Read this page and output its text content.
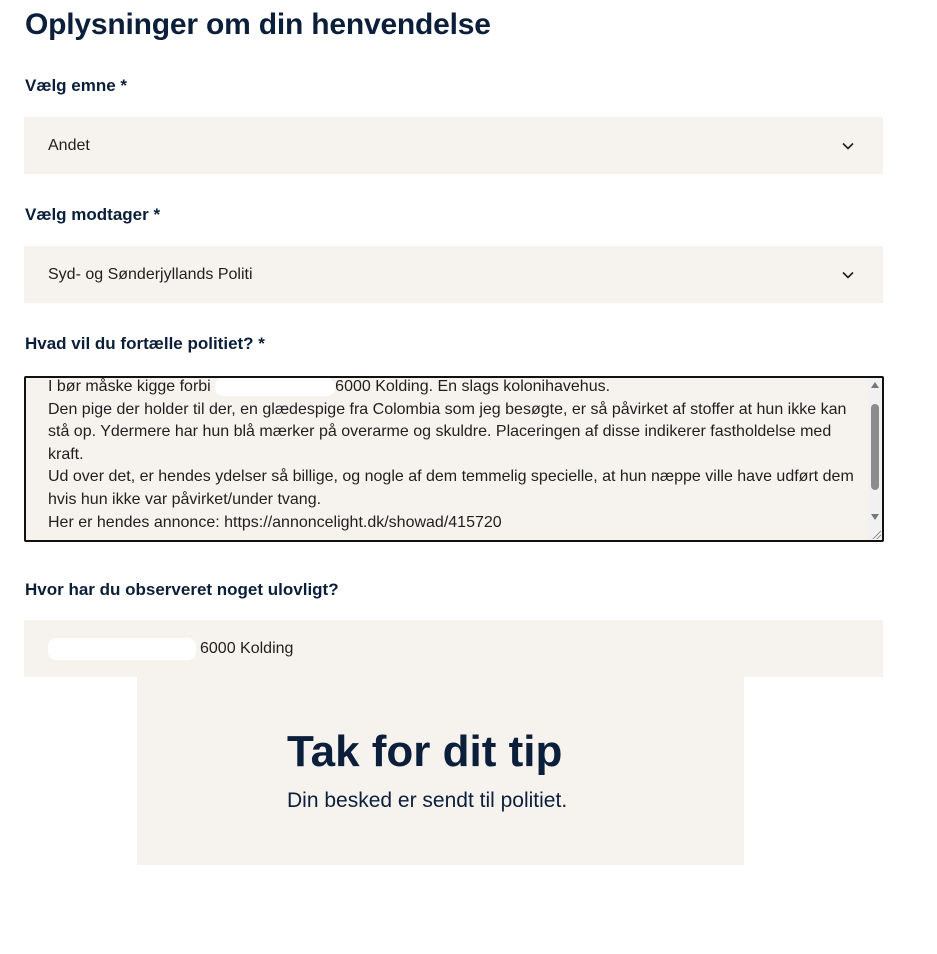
Oplysninger om din henvendelse

Vælg emne *

Andet

Vælg modtager *

Syd- og Sønderjyllands Politi

Hvad vil du fortælle politiet? *

I bør måske kigge forbi	6000 Kolding. En slags kolonihavehus.
Den pige der holder til der, en glædespige fra Colombia som jeg besøgte, er så påvirket af stoffer at hun ikke kan stå op. Ydermere har hun blå mærker på overarme og skuldre. Placeringen af disse indikerer fastholdelse med kraft.
Ud over det, er hendes ydelser så billige, og nogle af dem temmelig specielle, at hun næppe ville have udført dem hvis hun ikke var påvirket/under tvang.
Her er hendes annonce: https://annoncelight.dk/showad/415720

Hvor har du observeret noget ulovligt?

6000 Kolding
Tak for dit tip

Din besked er sendt til politiet.
